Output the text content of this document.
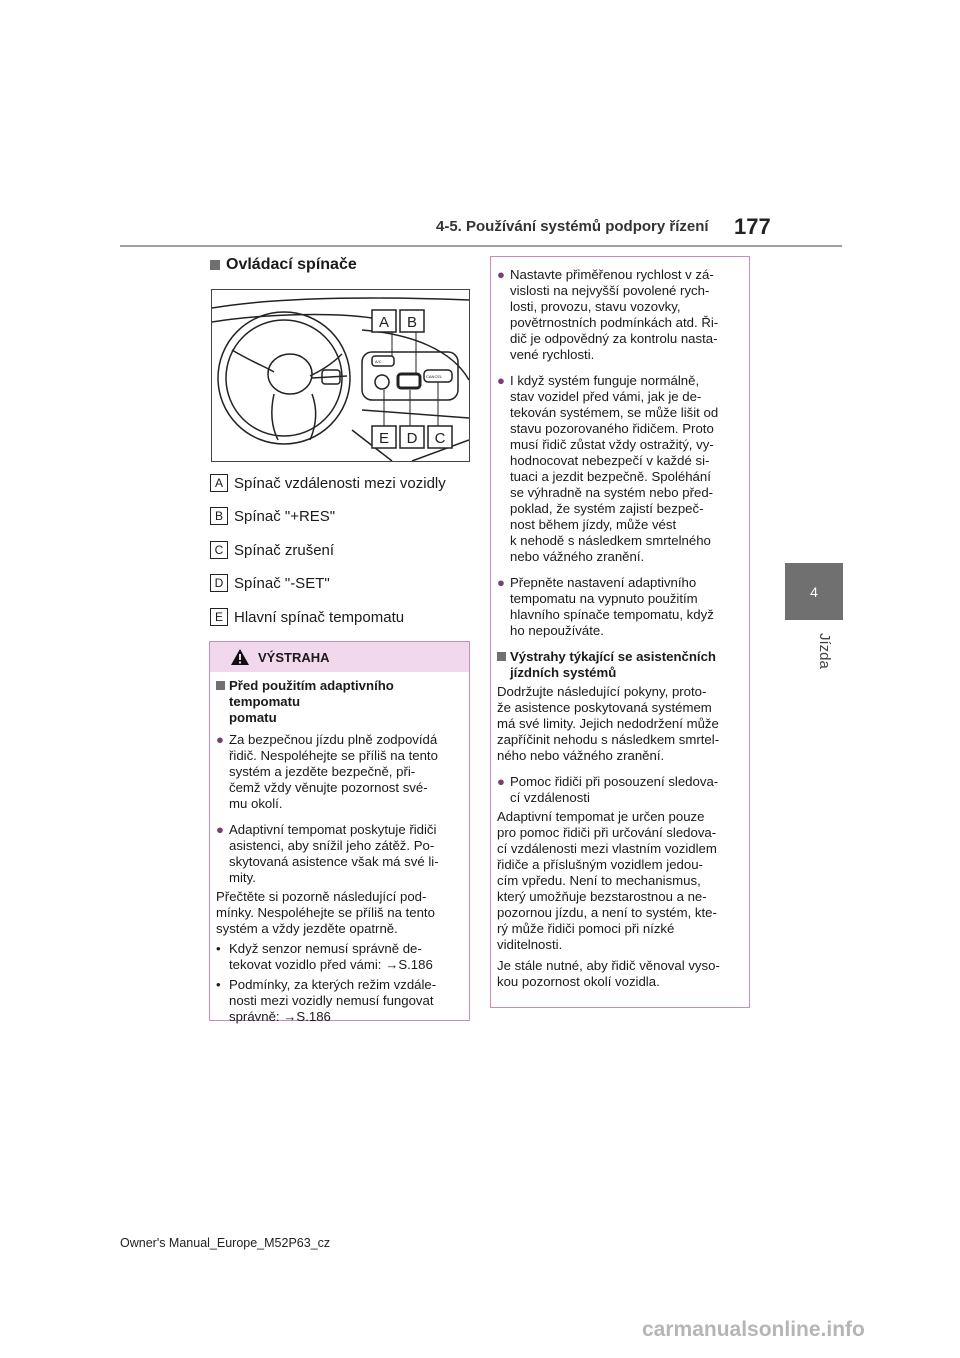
4-5. Používání systémů podpory řízení 177
4
Jízda
Ovládací spínače
A/C
CANCEL
A B
E D C
A Spínač vzdálenosti mezi vozidly
B Spínač "+RES"
C Spínač zrušení
D Spínač "-SET"
E Hlavní spínač tempomatu
VÝSTRAHA
Před použitím adaptivního tempomatu
pomatu
● Za bezpečnou jízdu plně zodpovídá
řidič. Nespoléhejte se příliš na tento
systém a jezděte bezpečně, při-
čemž vždy věnujte pozornost své-
mu okolí.
● Adaptivní tempomat poskytuje řidiči
asistenci, aby snížil jeho zátěž. Po-
skytovaná asistence však má své li-
mity.
Přečtěte si pozorně následující pod-
mínky. Nespoléhejte se příliš na tento
systém a vždy jezděte opatrně.
• Když senzor nemusí správně de-
tekovat vozidlo před vámi: →S.186
• Podmínky, za kterých režim vzdále-
nosti mezi vozidly nemusí fungovat
správně: →S.186
● Nastavte přiměřenou rychlost v zá-
vislosti na nejvyšší povolené rych-
losti, provozu, stavu vozovky,
povětrnostních podmínkách atd. Ři-
dič je odpovědný za kontrolu nasta-
vené rychlosti.
● I když systém funguje normálně,
stav vozidel před vámi, jak je de-
tekován systémem, se může lišit od
stavu pozorovaného řidičem. Proto
musí řidič zůstat vždy ostražitý, vy-
hodnocovat nebezpečí v každé si-
tuaci a jezdit bezpečně. Spoléhání
se výhradně na systém nebo před-
poklad, že systém zajistí bezpeč-
nost během jízdy, může vést
k nehodě s následkem smrtelného
nebo vážného zranění.
● Přepněte nastavení adaptivního
tempomatu na vypnuto použitím
hlavního spínače tempomatu, když
ho nepoužíváte.
Výstrahy týkající se asistenčních
jízdních systémů
Dodržujte následující pokyny, proto-
že asistence poskytovaná systémem
má své limity. Jejich nedodržení může
zapříčinit nehodu s následkem smrtel-
ného nebo vážného zranění.
● Pomoc řidiči při posouzení sledova-
cí vzdálenosti
Adaptivní tempomat je určen pouze
pro pomoc řidiči při určování sledova-
cí vzdálenosti mezi vlastním vozidlem
řidiče a příslušným vozidlem jedou-
cím vpředu. Není to mechanismus,
který umožňuje bezstarostnou a ne-
pozornou jízdu, a není to systém, kte-
rý může řidiči pomoci při nízké
viditelnosti.
Je stále nutné, aby řidič věnoval vyso-
kou pozornost okolí vozidla.
Owner's Manual_Europe_M52P63_cz
carmanualsonline.info
